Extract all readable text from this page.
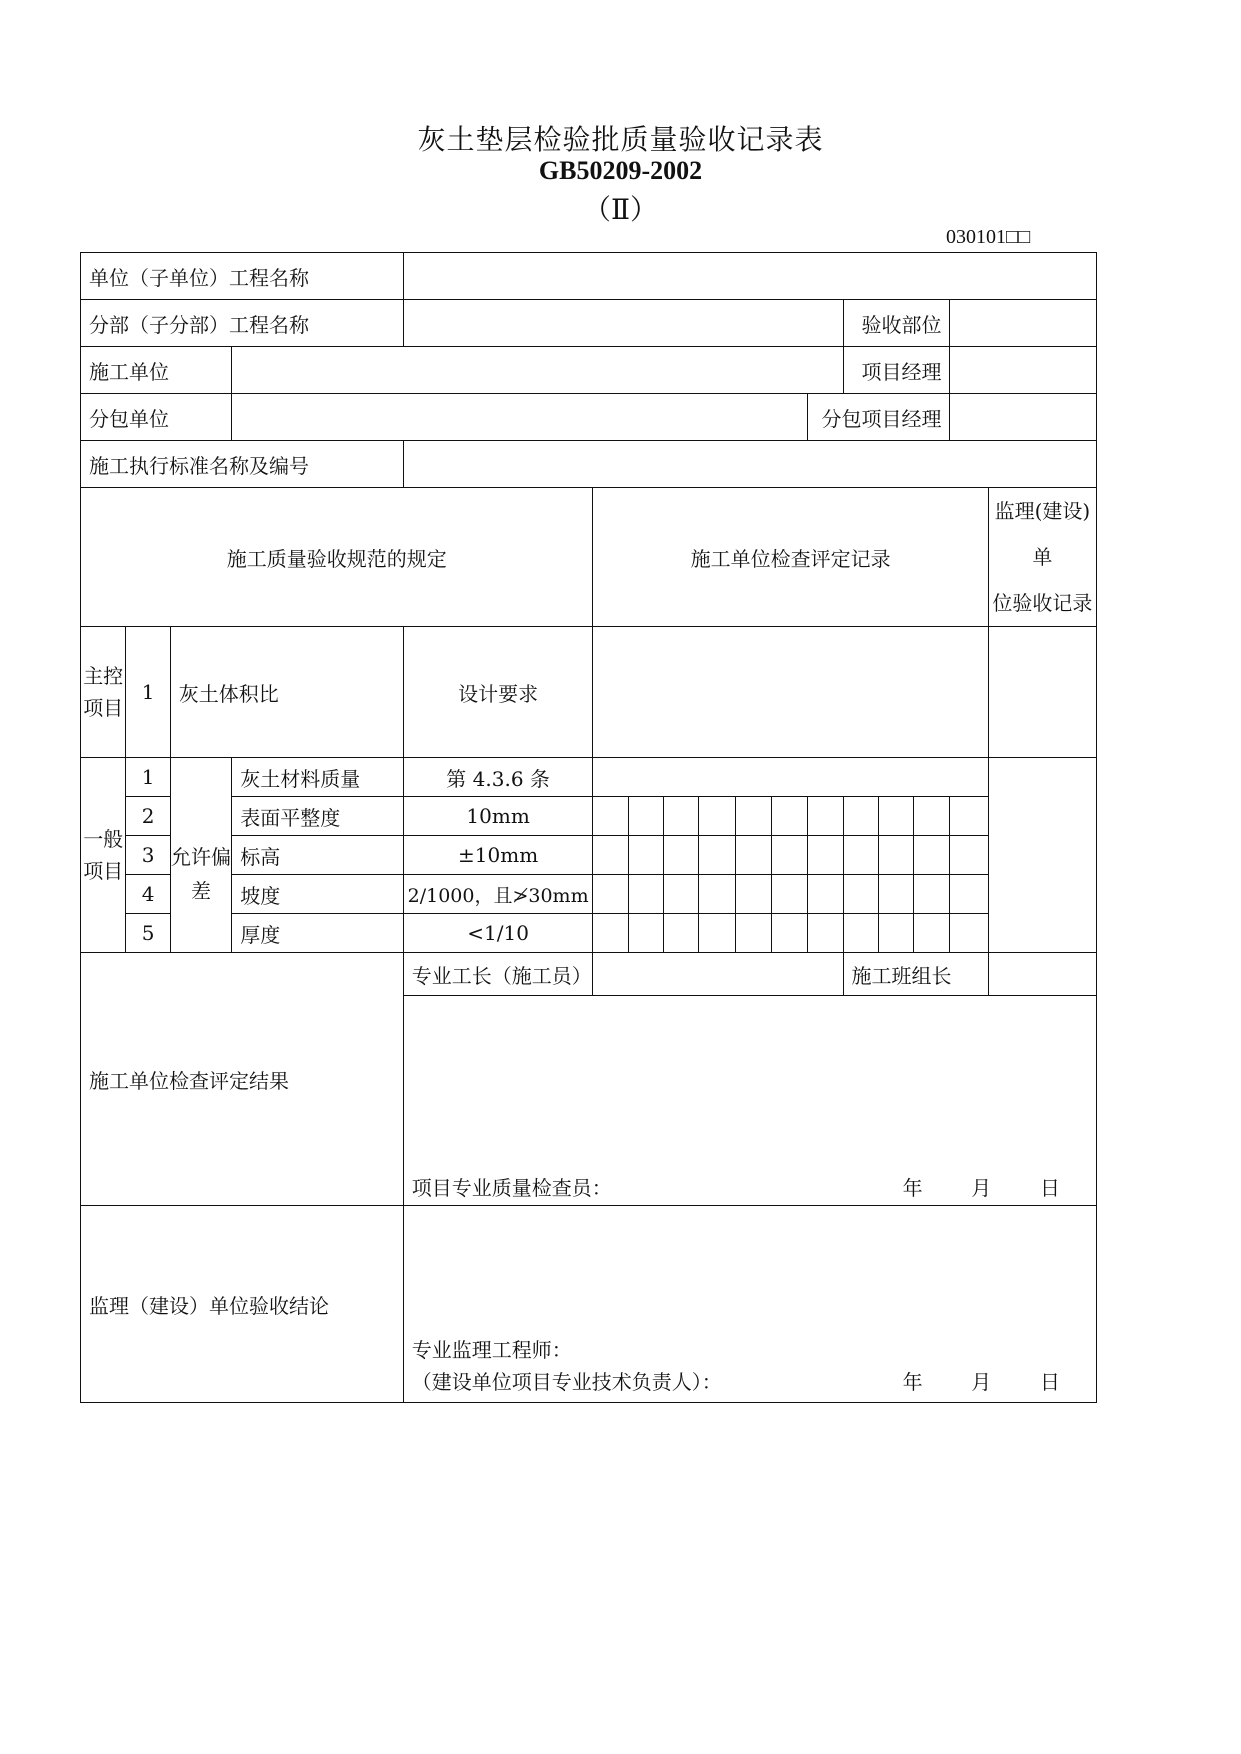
灰土垫层检验批质量验收记录表
GB50209-2002
（Ⅱ）
030101□□
单位（子单位）工程名称																
分部（子分部）工程名称												验收部位				
施工单位												项目经理				
分包单位											分包项目经理					
施工执行标准名称及编号																
施工质量验收规范的规定					施工单位检查评定记录											监理(建设)单
位验收记录

主控项目	1	灰土体积比		设计要求												
一般项目	1		灰土材料质量	第 4.3.6 条												
	2	允许偏差	表面平整度	10mm												
	3		标高	±10mm												
	4		坡度	2/1000，且≯30mm												
	5		厚度	<1/10												
施工单位检查评定结果				专业工长（施工员）								施工班组长				
				项目专业质量检查员： 年 月 日												

监理（建设）单位验收结论				专业监理工程师：
（建设单位项目专业技术负责人）： 年 月 日												
